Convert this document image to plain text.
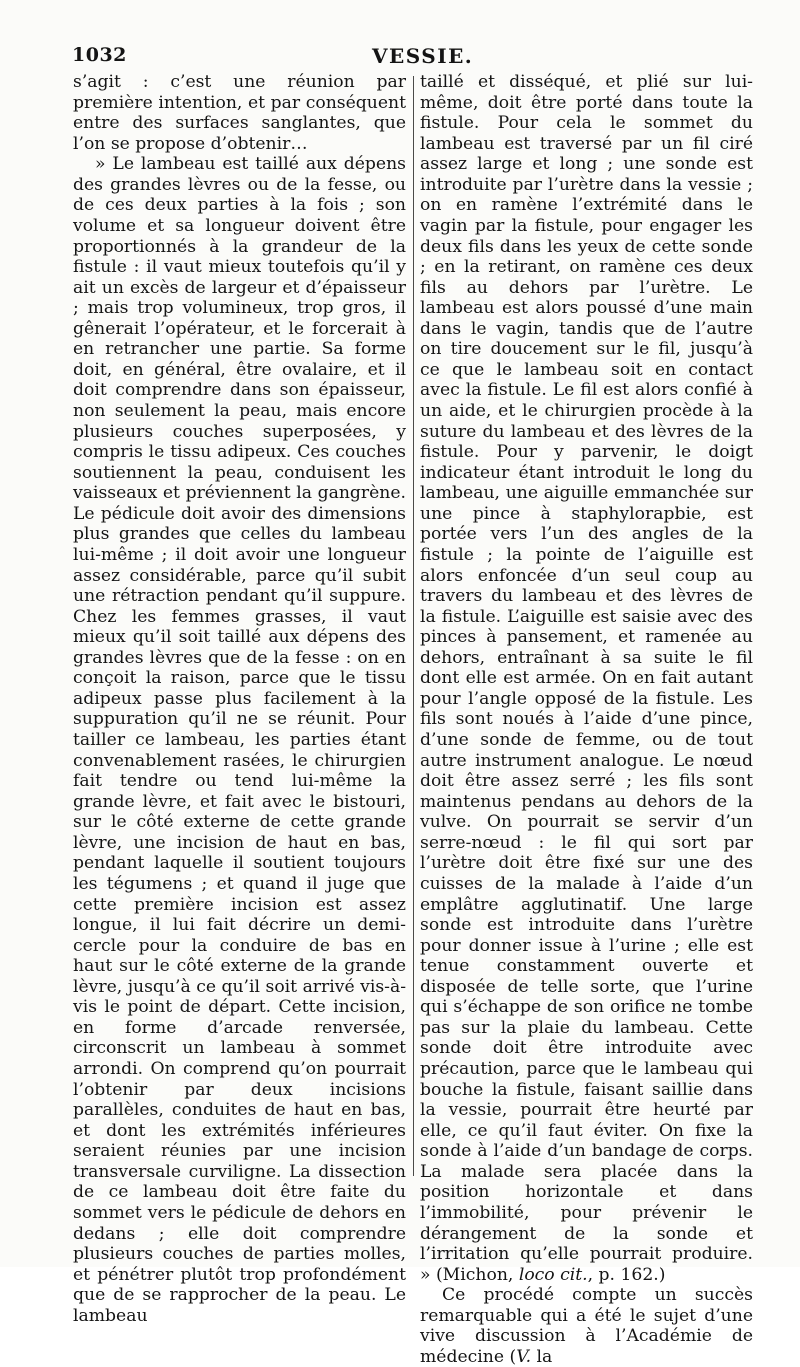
1032	VESSIE.

s’agit : c’est une réunion par première intention, et par conséquent entre des surfaces sanglantes, que l’on se propose d’obtenir…

» Le lambeau est taillé aux dépens des grandes lèvres ou de la fesse, ou de ces deux parties à la fois ; son volume et sa longueur doivent être proportionnés à la grandeur de la fistule : il vaut mieux toutefois qu’il y ait un excès de largeur et d’épaisseur ; mais trop volumineux, trop gros, il gênerait l’opérateur, et le forcerait à en retrancher une partie. Sa forme doit, en général, être ovalaire, et il doit comprendre dans son épaisseur, non seulement la peau, mais encore plusieurs couches superposées, y compris le tissu adipeux. Ces couches soutiennent la peau, conduisent les vaisseaux et préviennent la gangrène. Le pédicule doit avoir des dimensions plus grandes que celles du lambeau lui-même ; il doit avoir une longueur assez considérable, parce qu’il subit une rétraction pendant qu’il suppure. Chez les femmes grasses, il vaut mieux qu’il soit taillé aux dépens des grandes lèvres que de la fesse : on en conçoit la raison, parce que le tissu adipeux passe plus facilement à la suppuration qu’il ne se réunit. Pour tailler ce lambeau, les parties étant convenablement rasées, le chirurgien fait tendre ou tend lui-même la grande lèvre, et fait avec le bistouri, sur le côté externe de cette grande lèvre, une incision de haut en bas, pendant laquelle il soutient toujours les tégumens ; et quand il juge que cette première incision est assez longue, il lui fait décrire un demi-cercle pour la conduire de bas en haut sur le côté externe de la grande lèvre, jusqu’à ce qu’il soit arrivé vis-à-vis le point de départ. Cette incision, en forme d’arcade renversée, circonscrit un lambeau à sommet arrondi. On comprend qu’on pourrait l’obtenir par deux incisions parallèles, conduites de haut en bas, et dont les extrémités inférieures seraient réunies par une incision transversale curviligne. La dissection de ce lambeau doit être faite du sommet vers le pédicule de dehors en dedans ; elle doit comprendre plusieurs couches de parties molles, et pénétrer plutôt trop profondément que de se rapprocher de la peau. Le lambeau

taillé et disséqué, et plié sur lui-même, doit être porté dans toute la fistule. Pour cela le sommet du lambeau est traversé par un fil ciré assez large et long ; une sonde est introduite par l’urètre dans la vessie ; on en ramène l’extrémité dans le vagin par la fistule, pour engager les deux fils dans les yeux de cette sonde ; en la retirant, on ramène ces deux fils au dehors par l’urètre. Le lambeau est alors poussé d’une main dans le vagin, tandis que de l’autre on tire doucement sur le fil, jusqu’à ce que le lambeau soit en contact avec la fistule. Le fil est alors confié à un aide, et le chirurgien procède à la suture du lambeau et des lèvres de la fistule. Pour y parvenir, le doigt indicateur étant introduit le long du lambeau, une aiguille emmanchée sur une pince à staphylorapbie, est portée vers l’un des angles de la fistule ; la pointe de l’aiguille est alors enfoncée d’un seul coup au travers du lambeau et des lèvres de la fistule. L’aiguille est saisie avec des pinces à pansement, et ramenée au dehors, entraînant à sa suite le fil dont elle est armée. On en fait autant pour l’angle opposé de la fistule. Les fils sont noués à l’aide d’une pince, d’une sonde de femme, ou de tout autre instrument analogue. Le nœud doit être assez serré ; les fils sont maintenus pendans au dehors de la vulve. On pourrait se servir d’un serre-nœud : le fil qui sort par l’urètre doit être fixé sur une des cuisses de la malade à l’aide d’un emplâtre agglutinatif. Une large sonde est introduite dans l’urètre pour donner issue à l’urine ; elle est tenue constamment ouverte et disposée de telle sorte, que l’urine qui s’échappe de son orifice ne tombe pas sur la plaie du lambeau. Cette sonde doit être introduite avec précaution, parce que le lambeau qui bouche la fistule, faisant saillie dans la vessie, pourrait être heurté par elle, ce qu’il faut éviter. On fixe la sonde à l’aide d’un bandage de corps. La malade sera placée dans la position horizontale et dans l’immobilité, pour prévenir le dérangement de la sonde et l’irritation qu’elle pourrait produire. » (Michon, loco cit., p. 162.)

Ce procédé compte un succès remarquable qui a été le sujet d’une vive discussion à l’Académie de médecine (V. la
